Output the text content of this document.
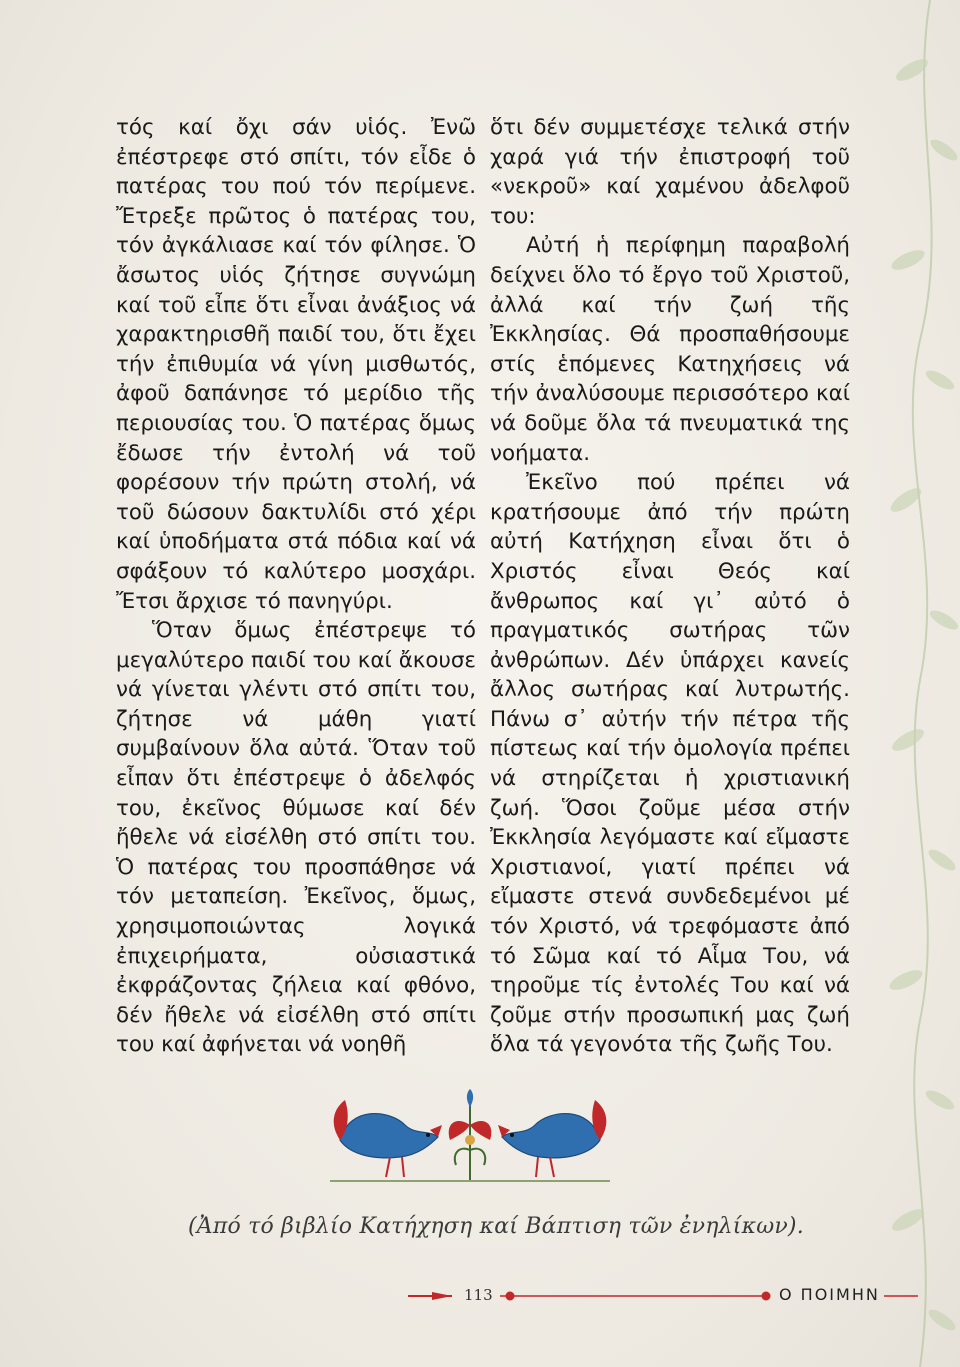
τός καί ὄχι σάν υἱός. Ἐνῶ ἐπέστρεφε στό σπίτι, τόν εἶδε ὁ πατέρας του πού τόν περίμενε. Ἔτρεξε πρῶτος ὁ πατέρας του, τόν ἀγκάλιασε καί τόν φίλησε. Ὁ ἄσωτος υἱός ζήτησε συγνώμη καί τοῦ εἶπε ὅτι εἶναι ἀνάξιος νά χαρακτηρισθῆ παιδί του, ὅτι ἔχει τήν ἐπιθυμία νά γίνη μισθωτός, ἀφοῦ δαπάνησε τό μερίδιο τῆς περιουσίας του. Ὁ πατέρας ὅμως ἔδωσε τήν ἐντολή νά τοῦ φορέσουν τήν πρώτη στολή, νά τοῦ δώσουν δακτυλίδι στό χέρι καί ὑποδήματα στά πόδια καί νά σφάξουν τό καλύτερο μοσχάρι. Ἔτσι ἄρχισε τό πανηγύρι.

Ὅταν ὅμως ἐπέστρεψε τό μεγαλύτερο παιδί του καί ἄκουσε νά γίνεται γλέντι στό σπίτι του, ζήτησε νά μάθη γιατί συμβαίνουν ὅλα αὐτά. Ὅταν τοῦ εἶπαν ὅτι ἐπέστρεψε ὁ ἀδελφός του, ἐκεῖνος θύμωσε καί δέν ἤθελε νά εἰσέλθη στό σπίτι του. Ὁ πατέρας του προσπάθησε νά τόν μεταπείση. Ἐκεῖνος, ὅμως, χρησιμοποιώντας λογικά ἐπιχειρήματα, οὐσιαστικά ἐκφράζοντας ζήλεια καί φθόνο, δέν ἤθελε νά εἰσέλθη στό σπίτι του καί ἀφήνεται νά νοηθῆ

ὅτι δέν συμμετέσχε τελικά στήν χαρά γιά τήν ἐπιστροφή τοῦ «νεκροῦ» καί χαμένου ἀδελφοῦ του:

Αὐτή ἡ περίφημη παραβολή δείχνει ὅλο τό ἔργο τοῦ Χριστοῦ, ἀλλά καί τήν ζωή τῆς Ἐκκλησίας. Θά προσπαθήσουμε στίς ἑπόμενες Κατηχήσεις νά τήν ἀναλύσουμε περισσότερο καί νά δοῦμε ὅλα τά πνευματικά της νοήματα.

Ἐκεῖνο πού πρέπει νά κρατήσουμε ἀπό τήν πρώτη αὐτή Κατήχηση εἶναι ὅτι ὁ Χριστός εἶναι Θεός καί ἄνθρωπος καί γι᾽ αὐτό ὁ πραγματικός σωτήρας τῶν ἀνθρώπων. Δέν ὑπάρχει κανείς ἄλλος σωτήρας καί λυτρωτής. Πάνω σ᾽ αὐτήν τήν πέτρα τῆς πίστεως καί τήν ὁμολογία πρέπει νά στηρίζεται ἡ χριστιανική ζωή. Ὅσοι ζοῦμε μέσα στήν Ἐκκλησία λεγόμαστε καί εἴμαστε Χριστιανοί, γιατί πρέπει νά εἴμαστε στενά συνδεδεμένοι μέ τόν Χριστό, νά τρεφόμαστε ἀπό τό Σῶμα καί τό Αἷμα Του, νά τηροῦμε τίς ἐντολές Του καί νά ζοῦμε στήν προσωπική μας ζωή ὅλα τά γεγονότα τῆς ζωῆς Του.

(Ἀπό τό βιβλίο Κατήχηση καί Βάπτιση τῶν ἐνηλίκων).
113	Ο ΠΟΙΜΗΝ
